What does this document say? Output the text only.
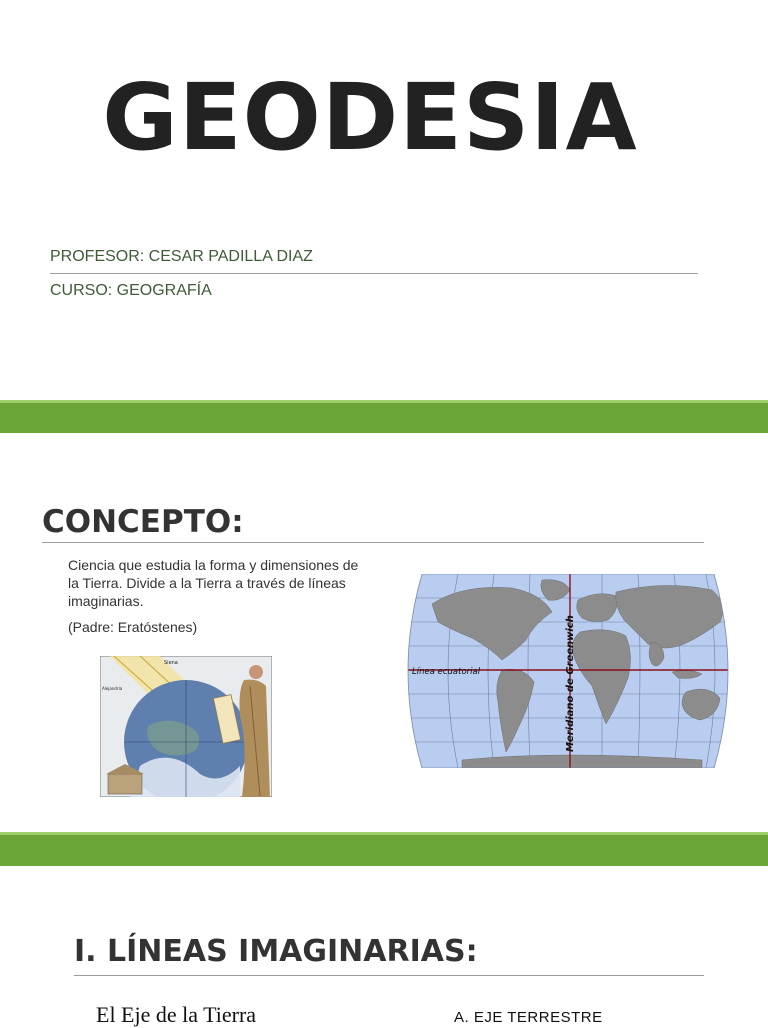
GEODESIA
PROFESOR: CESAR PADILLA DIAZ
CURSO: GEOGRAFÍA
CONCEPTO:

Ciencia que estudia la forma y dimensiones de la Tierra. Divide a la Tierra a través de líneas imaginarias.

(Padre: Eratóstenes)

Siena
Alejandría
Línea ecuatorial	Meridiano de Greenwich
I. LÍNEAS IMAGINARIAS:
El Eje de la Tierra	A. EJE TERRESTRE
